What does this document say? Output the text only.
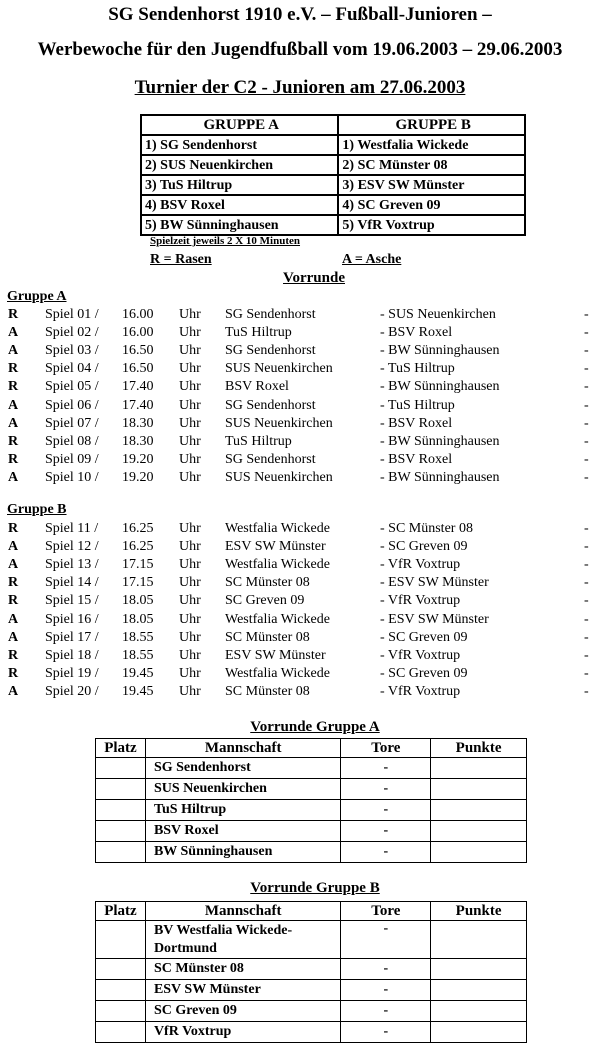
SG Sendenhorst 1910 e.V. – Fußball-Junioren –
Werbewoche für den Jugendfußball vom 19.06.2003 – 29.06.2003
Turnier der C2 - Junioren am 27.06.2003
GRUPPE A	GRUPPE B
1) SG Sendenhorst	1) Westfalia Wickede
2) SUS Neuenkirchen	2) SC Münster 08
3) TuS Hiltrup	3) ESV SW Münster
4) BSV Roxel	4) SC Greven 09
5) BW Sünninghausen	5) VfR Voxtrup
Spielzeit jeweils 2 X 10 Minuten
R = Rasen	A = Asche
Vorrunde
Gruppe A
R Spiel 01 / 16.00 Uhr SG Sendenhorst	- SUS Neuenkirchen	-
A Spiel 02 / 16.00 Uhr TuS Hiltrup	- BSV Roxel	-
A Spiel 03 / 16.50 Uhr SG Sendenhorst	- BW Sünninghausen	-
R Spiel 04 / 16.50 Uhr SUS Neuenkirchen	- TuS Hiltrup	-
R Spiel 05 / 17.40 Uhr BSV Roxel	- BW Sünninghausen	-
A Spiel 06 / 17.40 Uhr SG Sendenhorst	- TuS Hiltrup	-
A Spiel 07 / 18.30 Uhr SUS Neuenkirchen	- BSV Roxel	-
R Spiel 08 / 18.30 Uhr TuS Hiltrup	- BW Sünninghausen	-
R Spiel 09 / 19.20 Uhr SG Sendenhorst	- BSV Roxel	-
A Spiel 10 / 19.20 Uhr SUS Neuenkirchen	- BW Sünninghausen	-
Gruppe B
R Spiel 11 / 16.25 Uhr Westfalia Wickede	- SC Münster 08	-
A Spiel 12 / 16.25 Uhr ESV SW Münster	- SC Greven 09	-
A Spiel 13 / 17.15 Uhr Westfalia Wickede	- VfR Voxtrup	-
R Spiel 14 / 17.15 Uhr SC Münster 08	- ESV SW Münster	-
R Spiel 15 / 18.05 Uhr SC Greven 09	- VfR Voxtrup	-
A Spiel 16 / 18.05 Uhr Westfalia Wickede	- ESV SW Münster	-
A Spiel 17 / 18.55 Uhr SC Münster 08	- SC Greven 09	-
R Spiel 18 / 18.55 Uhr ESV SW Münster	- VfR Voxtrup	-
R Spiel 19 / 19.45 Uhr Westfalia Wickede	- SC Greven 09	-
A Spiel 20 / 19.45 Uhr SC Münster 08	- VfR Voxtrup	-
Vorrunde Gruppe A
Platz	Mannschaft	Tore	Punkte
	SG Sendenhorst	-	
	SUS Neuenkirchen	-	
	TuS Hiltrup	-	
	BSV Roxel	-	
	BW Sünninghausen	-	
Vorrunde Gruppe B
Platz	Mannschaft	Tore	Punkte
	BV Westfalia Wickede-Dortmund	-	
	SC Münster 08	-	
	ESV SW Münster	-	
	SC Greven 09	-	
	VfR Voxtrup	-	
